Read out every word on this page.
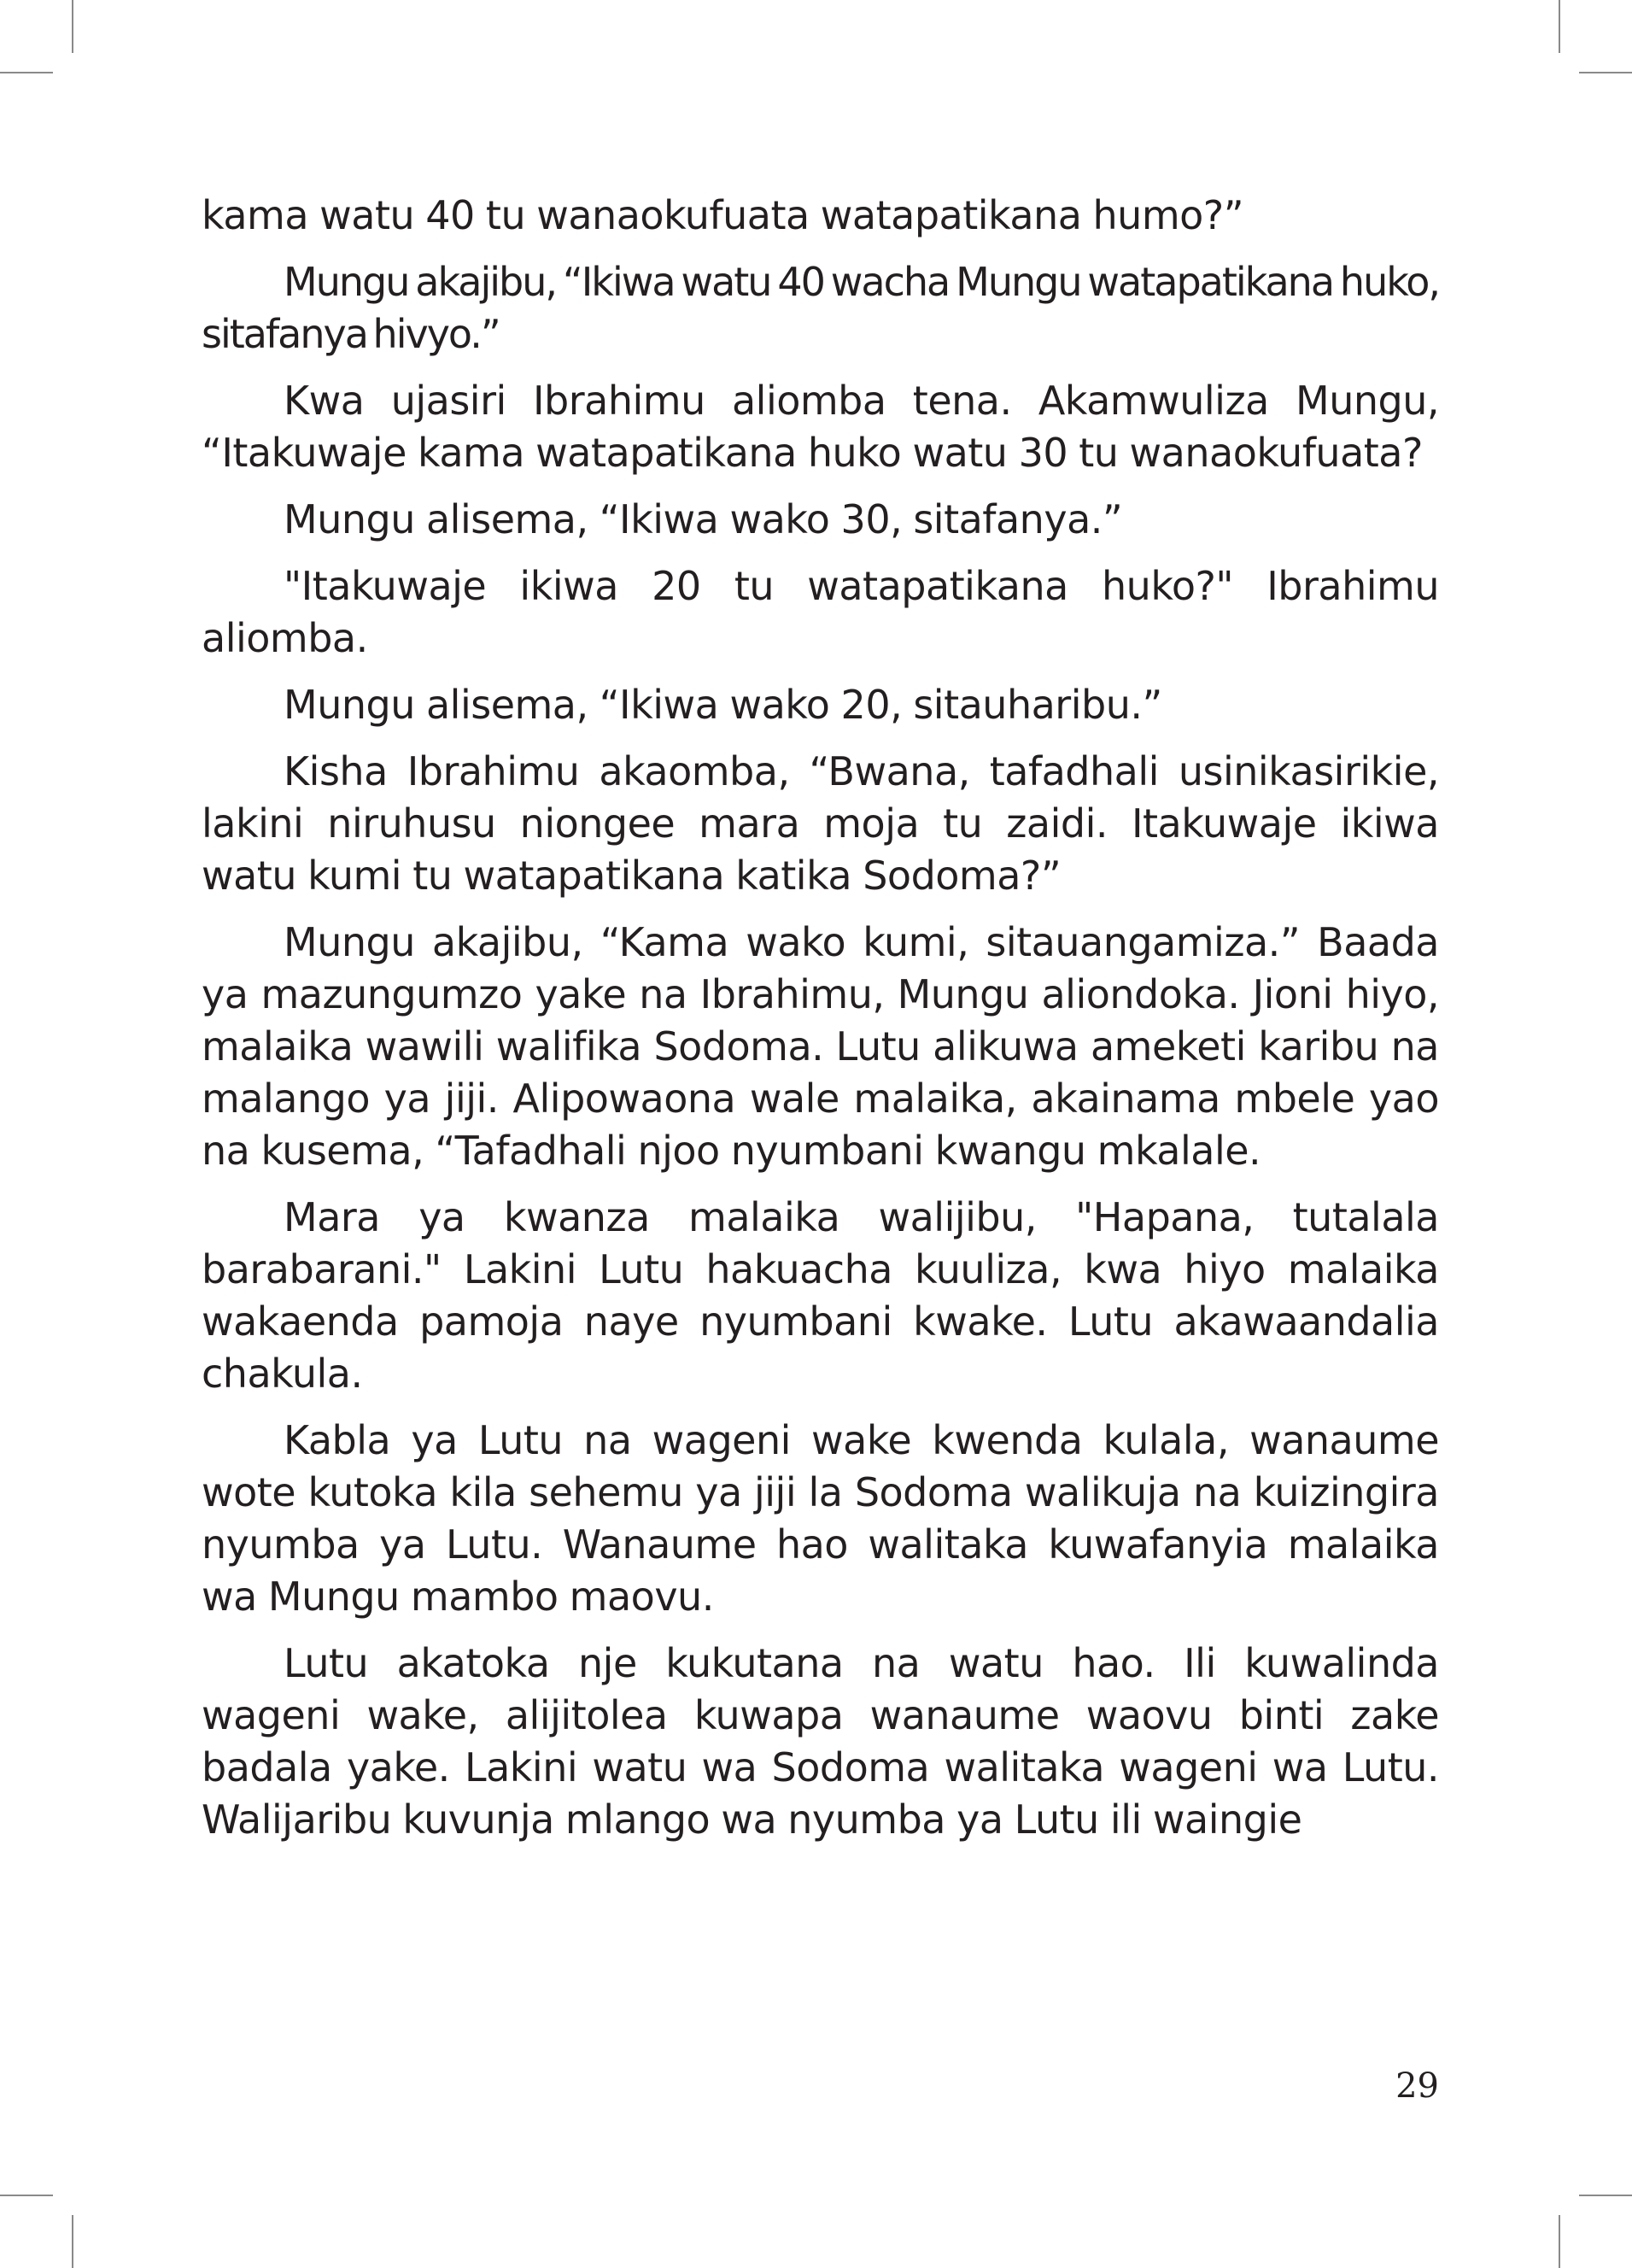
kama watu 40 tu wanaokufuata watapatikana humo?”

Mungu akajibu, “Ikiwa watu 40 wacha Mungu watapatikana huko, sitafanya hivyo.”

Kwa ujasiri Ibrahimu aliomba tena. Akamwuliza Mungu, “Itakuwaje kama watapatikana huko watu 30 tu wanaokufuata?

Mungu alisema, “Ikiwa wako 30, sitafanya.”

"Itakuwaje ikiwa 20 tu watapatikana huko?" Ibrahimu aliomba.

Mungu alisema, “Ikiwa wako 20, sitauharibu.”

Kisha Ibrahimu akaomba, “Bwana, tafadhali usinikasirikie, lakini niruhusu niongee mara moja tu zaidi. Itakuwaje ikiwa watu kumi tu watapatikana katika Sodoma?”

Mungu akajibu, “Kama wako kumi, sitauangamiza.” Baada ya mazungumzo yake na Ibrahimu, Mungu aliondoka. Jioni hiyo, malaika wawili walifika Sodoma. Lutu alikuwa ameketi karibu na malango ya jiji. Alipowaona wale malaika, akainama mbele yao na kusema, “Tafadhali njoo nyumbani kwangu mkalale.

Mara ya kwanza malaika walijibu, "Hapana, tutalala barabarani." Lakini Lutu hakuacha kuuliza, kwa hiyo malaika wakaenda pamoja naye nyumbani kwake. Lutu akawaandalia chakula.

Kabla ya Lutu na wageni wake kwenda kulala, wanaume wote kutoka kila sehemu ya jiji la Sodoma walikuja na kuizingira nyumba ya Lutu. Wanaume hao walitaka kuwafanyia malaika wa Mungu mambo maovu.

Lutu akatoka nje kukutana na watu hao. Ili kuwalinda wageni wake, alijitolea kuwapa wanaume waovu binti zake badala yake. Lakini watu wa Sodoma walitaka wageni wa Lutu. Walijaribu kuvunja mlango wa nyumba ya Lutu ili waingie

29
